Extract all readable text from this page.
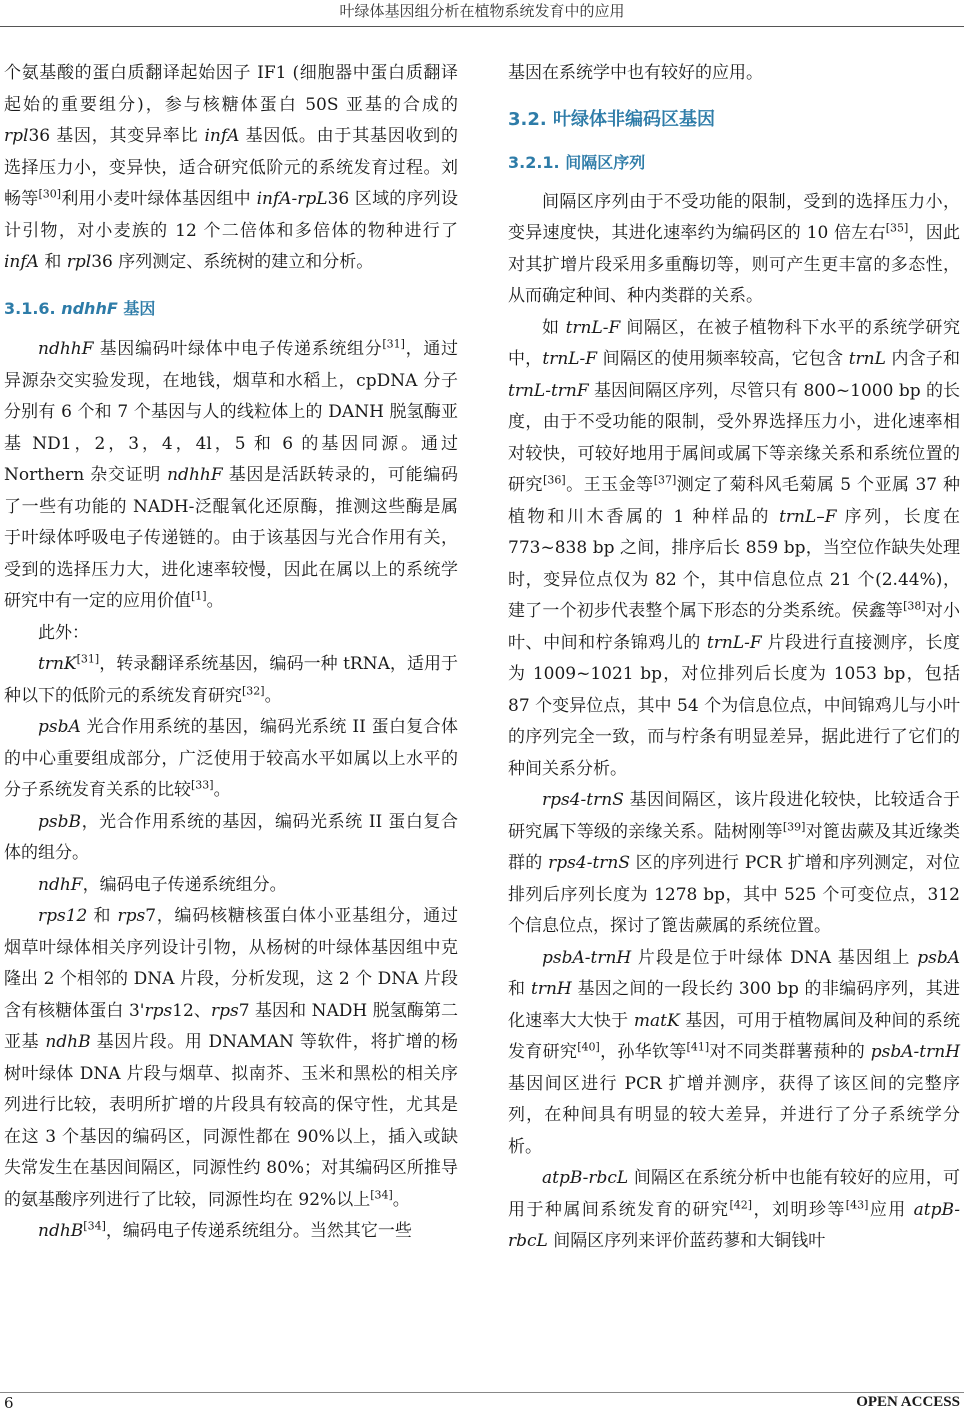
叶绿体基因组分析在植物系统发育中的应用

个氨基酸的蛋白质翻译起始因子 IF1 (细胞器中蛋白质翻译起始的重要组分)，参与核糖体蛋白 50S 亚基的合成的 rpl36 基因，其变异率比 infA 基因低。由于其基因收到的选择压力小，变异快，适合研究低阶元的系统发育过程。刘畅等[30]利用小麦叶绿体基因组中 infA-rpL36 区域的序列设计引物，对小麦族的 12 个二倍体和多倍体的物种进行了 infA 和 rpl36 序列测定、系统树的建立和分析。

3.1.6. ndhhF 基因

ndhhF 基因编码叶绿体中电子传递系统组分[31]，通过异源杂交实验发现，在地钱，烟草和水稻上，cpDNA 分子分别有 6 个和 7 个基因与人的线粒体上的 DANH 脱氢酶亚基 ND1，2，3，4，4l，5 和 6 的基因同源。通过 Northern 杂交证明 ndhhF 基因是活跃转录的，可能编码了一些有功能的 NADH-泛醌氧化还原酶，推测这些酶是属于叶绿体呼吸电子传递链的。由于该基因与光合作用有关，受到的选择压力大，进化速率较慢，因此在属以上的系统学研究中有一定的应用价值[1]。

此外：

trnK[31]，转录翻译系统基因，编码一种 tRNA，适用于种以下的低阶元的系统发育研究[32]。

psbA 光合作用系统的基因，编码光系统 II 蛋白复合体的中心重要组成部分，广泛使用于较高水平如属以上水平的分子系统发育关系的比较[33]。

psbB，光合作用系统的基因，编码光系统 II 蛋白复合体的组分。

ndhF，编码电子传递系统组分。

rps12 和 rps7，编码核糖核蛋白体小亚基组分，通过烟草叶绿体相关序列设计引物，从杨树的叶绿体基因组中克隆出 2 个相邻的 DNA 片段，分析发现，这 2 个 DNA 片段含有核糖体蛋白 3'rps12、rps7 基因和 NADH 脱氢酶第二亚基 ndhB 基因片段。用 DNAMAN 等软件，将扩增的杨树叶绿体 DNA 片段与烟草、拟南芥、玉米和黑松的相关序列进行比较，表明所扩增的片段具有较高的保守性，尤其是在这 3 个基因的编码区，同源性都在 90%以上，插入或缺失常发生在基因间隔区，同源性约 80%；对其编码区所推导的氨基酸序列进行了比较，同源性均在 92%以上[34]。

ndhB[34]，编码电子传递系统组分。当然其它一些

基因在系统学中也有较好的应用。

3.2. 叶绿体非编码区基因
3.2.1. 间隔区序列

间隔区序列由于不受功能的限制，受到的选择压力小，变异速度快，其进化速率约为编码区的 10 倍左右[35]，因此对其扩增片段采用多重酶切等，则可产生更丰富的多态性，从而确定种间、种内类群的关系。

如 trnL-F 间隔区，在被子植物科下水平的系统学研究中，trnL-F 间隔区的使用频率较高，它包含 trnL 内含子和 trnL-trnF 基因间隔区序列，尽管只有 800~1000 bp 的长度，由于不受功能的限制，受外界选择压力小，进化速率相对较快，可较好地用于属间或属下等亲缘关系和系统位置的研究[36]。王玉金等[37]测定了菊科风毛菊属 5 个亚属 37 种植物和川木香属的 1 种样品的 trnL–F 序列，长度在 773~838 bp 之间，排序后长 859 bp，当空位作缺失处理时，变异位点仅为 82 个，其中信息位点 21 个(2.44%)，建了一个初步代表整个属下形态的分类系统。侯鑫等[38]对小叶、中间和柠条锦鸡儿的 trnL-F 片段进行直接测序，长度为 1009~1021 bp，对位排列后长度为 1053 bp，包括 87 个变异位点，其中 54 个为信息位点，中间锦鸡儿与小叶的序列完全一致，而与柠条有明显差异，据此进行了它们的种间关系分析。

rps4-trnS 基因间隔区，该片段进化较快，比较适合于研究属下等级的亲缘关系。陆树刚等[39]对篦齿蕨及其近缘类群的 rps4-trnS 区的序列进行 PCR 扩增和序列测定，对位排列后序列长度为 1278 bp，其中 525 个可变位点，312 个信息位点，探讨了篦齿蕨属的系统位置。

psbA-trnH 片段是位于叶绿体 DNA 基因组上 psbA 和 trnH 基因之间的一段长约 300 bp 的非编码序列，其进化速率大大快于 matK 基因，可用于植物属间及种间的系统发育研究[40]，孙华钦等[41]对不同类群薯蓣种的 psbA-trnH 基因间区进行 PCR 扩增并测序，获得了该区间的完整序列，在种间具有明显的较大差异，并进行了分子系统学分析。

atpB-rbcL 间隔区在系统分析中也能有较好的应用，可用于种属间系统发育的研究[42]，刘明珍等[43]应用 atpB-rbcL 间隔区序列来评价蓝药蓼和大铜钱叶

6	OPEN ACCESS
